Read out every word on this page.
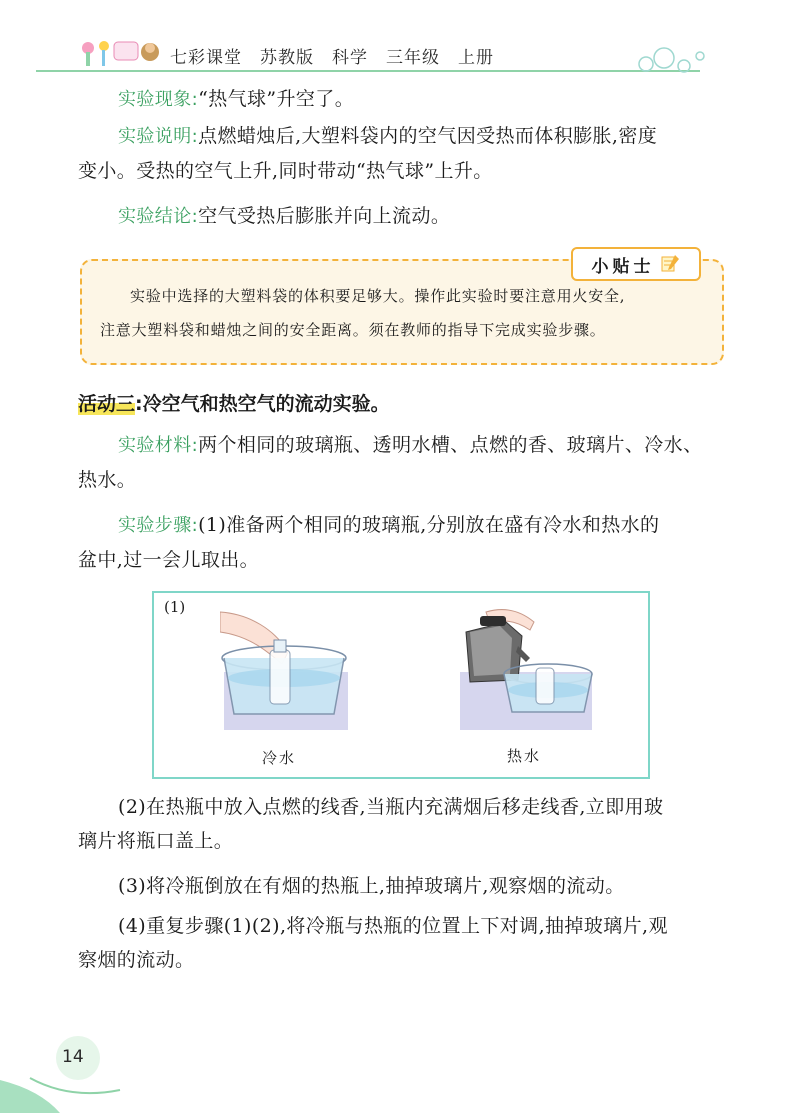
七彩课堂 苏教版 科学 三年级 上册
实验现象:“热气球”升空了。
实验说明:点燃蜡烛后,大塑料袋内的空气因受热而体积膨胀,密度
变小。受热的空气上升,同时带动“热气球”上升。
实验结论:空气受热后膨胀并向上流动。
小贴士
实验中选择的大塑料袋的体积要足够大。操作此实验时要注意用火安全,
注意大塑料袋和蜡烛之间的安全距离。须在教师的指导下完成实验步骤。
活动三:冷空气和热空气的流动实验。
实验材料:两个相同的玻璃瓶、透明水槽、点燃的香、玻璃片、冷水、
热水。
实验步骤:(1)准备两个相同的玻璃瓶,分别放在盛有冷水和热水的
盆中,过一会儿取出。
(1)
冷水	热水
(2)在热瓶中放入点燃的线香,当瓶内充满烟后移走线香,立即用玻
璃片将瓶口盖上。
(3)将冷瓶倒放在有烟的热瓶上,抽掉玻璃片,观察烟的流动。
(4)重复步骤(1)(2),将冷瓶与热瓶的位置上下对调,抽掉玻璃片,观
察烟的流动。
14
